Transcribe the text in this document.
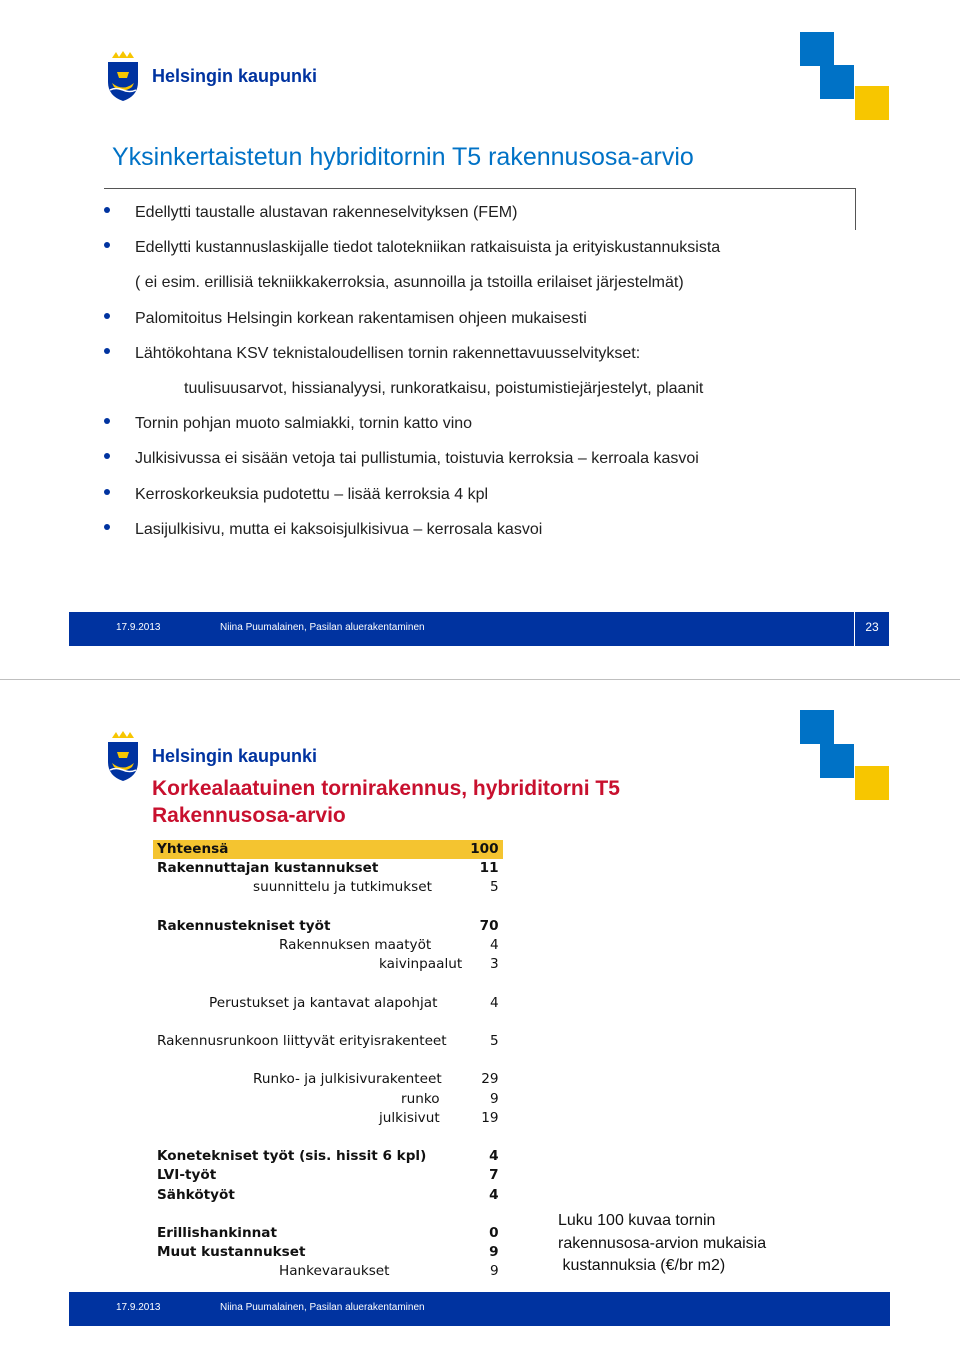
Helsingin kaupunki
Yksinkertaistetun hybriditornin T5 rakennusosa-arvio
Edellytti taustalle alustavan rakenneselvityksen (FEM)
Edellytti kustannuslaskijalle tiedot talotekniikan ratkaisuista ja erityiskustannuksista
( ei esim. erillisiä tekniikkakerroksia, asunnoilla ja tstoilla erilaiset järjestelmät)
Palomitoitus Helsingin korkean rakentamisen ohjeen mukaisesti
Lähtökohtana KSV teknistaloudellisen tornin rakennettavuusselvitykset:
tuulisuusarvot, hissianalyysi, runkoratkaisu, poistumistiejärjestelyt, plaanit
Tornin pohjan muoto salmiakki, tornin katto vino
Julkisivussa ei sisään vetoja tai pullistumia, toistuvia kerroksia – kerroala kasvoi
Kerroskorkeuksia pudotettu – lisää kerroksia 4 kpl
Lasijulkisivu, mutta ei kaksoisjulkisivua – kerrosala kasvoi
17.9.2013	Niina Puumalainen, Pasilan aluerakentaminen	23
Helsingin kaupunki
Korkealaatuinen tornirakennus, hybriditorni T5
Rakennusosa-arvio
Yhteensä	100
Rakennuttajan kustannukset	11
suunnittelu ja tutkimukset	5

Rakennustekniset työt	70
Rakennuksen maatyöt	4
kaivinpaalut	3

Perustukset ja kantavat alapohjat	4

Rakennusrunkoon liittyvät erityisrakenteet	5

Runko- ja julkisivurakenteet	29
runko	9
julkisivut	19

Konetekniset työt (sis. hissit 6 kpl)	4
LVI-työt	7
Sähkötyöt	4

Erillishankinnat	0
Muut kustannukset	9
Hankevaraukset	9

Luku 100 kuvaa tornin
rakennusosa-arvion mukaisia
kustannuksia (€/br m2)
17.9.2013	Niina Puumalainen, Pasilan aluerakentaminen
